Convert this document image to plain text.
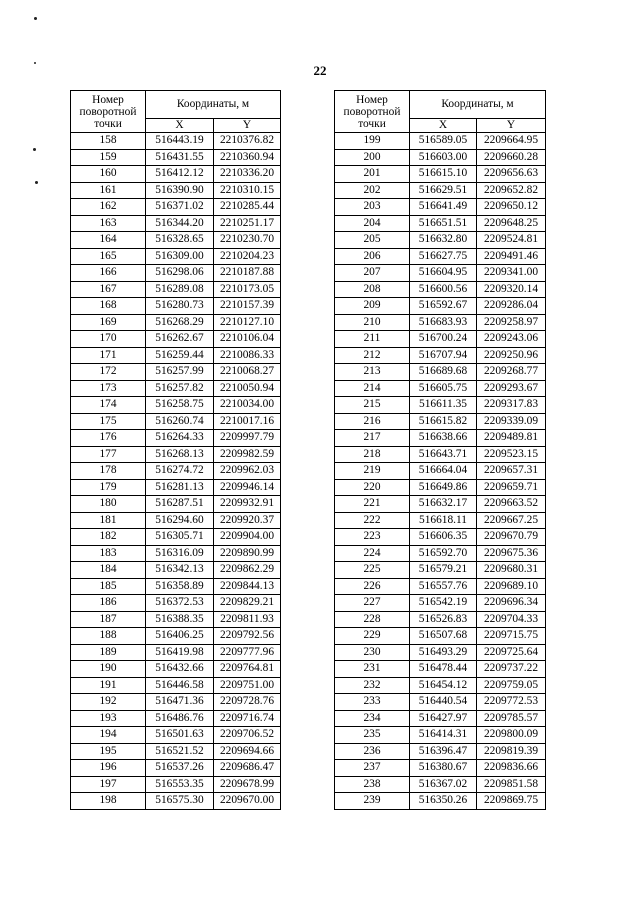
22
Номер
поворотной
точки	Координаты, м	
	X	Y
158	516443.19	2210376.82
159	516431.55	2210360.94
160	516412.12	2210336.20
161	516390.90	2210310.15
162	516371.02	2210285.44
163	516344.20	2210251.17
164	516328.65	2210230.70
165	516309.00	2210204.23
166	516298.06	2210187.88
167	516289.08	2210173.05
168	516280.73	2210157.39
169	516268.29	2210127.10
170	516262.67	2210106.04
171	516259.44	2210086.33
172	516257.99	2210068.27
173	516257.82	2210050.94
174	516258.75	2210034.00
175	516260.74	2210017.16
176	516264.33	2209997.79
177	516268.13	2209982.59
178	516274.72	2209962.03
179	516281.13	2209946.14
180	516287.51	2209932.91
181	516294.60	2209920.37
182	516305.71	2209904.00
183	516316.09	2209890.99
184	516342.13	2209862.29
185	516358.89	2209844.13
186	516372.53	2209829.21
187	516388.35	2209811.93
188	516406.25	2209792.56
189	516419.98	2209777.96
190	516432.66	2209764.81
191	516446.58	2209751.00
192	516471.36	2209728.76
193	516486.76	2209716.74
194	516501.63	2209706.52
195	516521.52	2209694.66
196	516537.26	2209686.47
197	516553.35	2209678.99
198	516575.30	2209670.00
Номер
поворотной
точки	Координаты, м	
	X	Y
199	516589.05	2209664.95
200	516603.00	2209660.28
201	516615.10	2209656.63
202	516629.51	2209652.82
203	516641.49	2209650.12
204	516651.51	2209648.25
205	516632.80	2209524.81
206	516627.75	2209491.46
207	516604.95	2209341.00
208	516600.56	2209320.14
209	516592.67	2209286.04
210	516683.93	2209258.97
211	516700.24	2209243.06
212	516707.94	2209250.96
213	516689.68	2209268.77
214	516605.75	2209293.67
215	516611.35	2209317.83
216	516615.82	2209339.09
217	516638.66	2209489.81
218	516643.71	2209523.15
219	516664.04	2209657.31
220	516649.86	2209659.71
221	516632.17	2209663.52
222	516618.11	2209667.25
223	516606.35	2209670.79
224	516592.70	2209675.36
225	516579.21	2209680.31
226	516557.76	2209689.10
227	516542.19	2209696.34
228	516526.83	2209704.33
229	516507.68	2209715.75
230	516493.29	2209725.64
231	516478.44	2209737.22
232	516454.12	2209759.05
233	516440.54	2209772.53
234	516427.97	2209785.57
235	516414.31	2209800.09
236	516396.47	2209819.39
237	516380.67	2209836.66
238	516367.02	2209851.58
239	516350.26	2209869.75
